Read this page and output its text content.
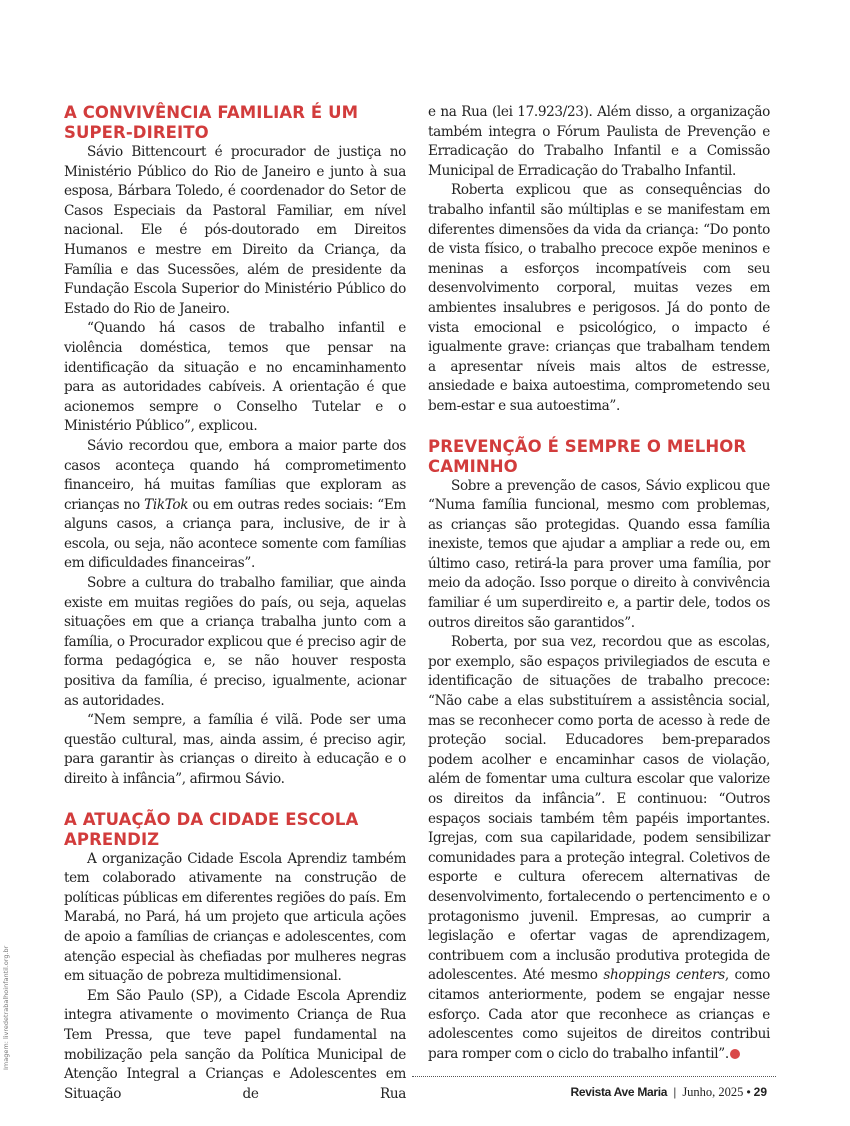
A CONVIVÊNCIA FAMILIAR É UM SUPER-DIREITO

Sávio Bittencourt é procurador de justiça no Ministério Público do Rio de Janeiro e junto à sua esposa, Bárbara Toledo, é coordenador do Setor de Casos Especiais da Pastoral Familiar, em nível nacional. Ele é pós-doutorado em Direitos Humanos e mestre em Direito da Criança, da Família e das Sucessões, além de presidente da Fundação Escola Superior do Ministério Público do Estado do Rio de Janeiro.

“Quando há casos de trabalho infantil e violência doméstica, temos que pensar na identificação da situação e no encaminhamento para as autoridades cabíveis. A orientação é que acionemos sempre o Conselho Tutelar e o Ministério Público”, explicou.

Sávio recordou que, embora a maior parte dos casos aconteça quando há comprometimento financeiro, há muitas famílias que exploram as crianças no TikTok ou em outras redes sociais: “Em alguns casos, a criança para, inclusive, de ir à escola, ou seja, não acontece somente com famílias em dificuldades financeiras”.

Sobre a cultura do trabalho familiar, que ainda existe em muitas regiões do país, ou seja, aquelas situações em que a criança trabalha junto com a família, o Procurador explicou que é preciso agir de forma pedagógica e, se não houver resposta positiva da família, é preciso, igualmente, acionar as autoridades.

“Nem sempre, a família é vilã. Pode ser uma questão cultural, mas, ainda assim, é preciso agir, para garantir às crianças o direito à educação e o direito à infância”, afirmou Sávio.

A ATUAÇÃO DA CIDADE ESCOLA APRENDIZ

A organização Cidade Escola Aprendiz também tem colaborado ativamente na construção de políticas públicas em diferentes regiões do país. Em Marabá, no Pará, há um projeto que articula ações de apoio a famílias de crianças e adolescentes, com atenção especial às chefiadas por mulheres negras em situação de pobreza multidimensional.

Em São Paulo (SP), a Cidade Escola Aprendiz integra ativamente o movimento Criança de Rua Tem Pressa, que teve papel fundamental na mobilização pela sanção da Política Municipal de Atenção Integral a Crianças e Adolescentes em Situação de Rua

e na Rua (lei 17.923/23). Além disso, a organização também integra o Fórum Paulista de Prevenção e Erradicação do Trabalho Infantil e a Comissão Municipal de Erradicação do Trabalho Infantil.

Roberta explicou que as consequências do trabalho infantil são múltiplas e se manifestam em diferentes dimensões da vida da criança: “Do ponto de vista físico, o trabalho precoce expõe meninos e meninas a esforços incompatíveis com seu desenvolvimento corporal, muitas vezes em ambientes insalubres e perigosos. Já do ponto de vista emocional e psicológico, o impacto é igualmente grave: crianças que trabalham tendem a apresentar níveis mais altos de estresse, ansiedade e baixa autoestima, comprometendo seu bem-estar e sua autoestima”.

PREVENÇÃO É SEMPRE O MELHOR CAMINHO

Sobre a prevenção de casos, Sávio explicou que “Numa família funcional, mesmo com problemas, as crianças são protegidas. Quando essa família inexiste, temos que ajudar a ampliar a rede ou, em último caso, retirá-la para prover uma família, por meio da adoção. Isso porque o direito à convivência familiar é um superdireito e, a partir dele, todos os outros direitos são garantidos”.

Roberta, por sua vez, recordou que as escolas, por exemplo, são espaços privilegiados de escuta e identificação de situações de trabalho precoce: “Não cabe a elas substituírem a assistência social, mas se reconhecer como porta de acesso à rede de proteção social. Educadores bem-preparados podem acolher e encaminhar casos de violação, além de fomentar uma cultura escolar que valorize os direitos da infância”. E continuou: “Outros espaços sociais também têm papéis importantes. Igrejas, com sua capilaridade, podem sensibilizar comunidades para a proteção integral. Coletivos de esporte e cultura oferecem alternativas de desenvolvimento, fortalecendo o pertencimento e o protagonismo juvenil. Empresas, ao cumprir a legislação e ofertar vagas de aprendizagem, contribuem com a inclusão produtiva protegida de adolescentes. Até mesmo shoppings centers, como citamos anteriormente, podem se engajar nesse esforço. Cada ator que reconhece as crianças e adolescentes como sujeitos de direitos contribui para romper com o ciclo do trabalho infantil”.

Revista Ave Maria | Junho, 2025 • 29
Imagem: livredetrabalhoinfantil.org.br
